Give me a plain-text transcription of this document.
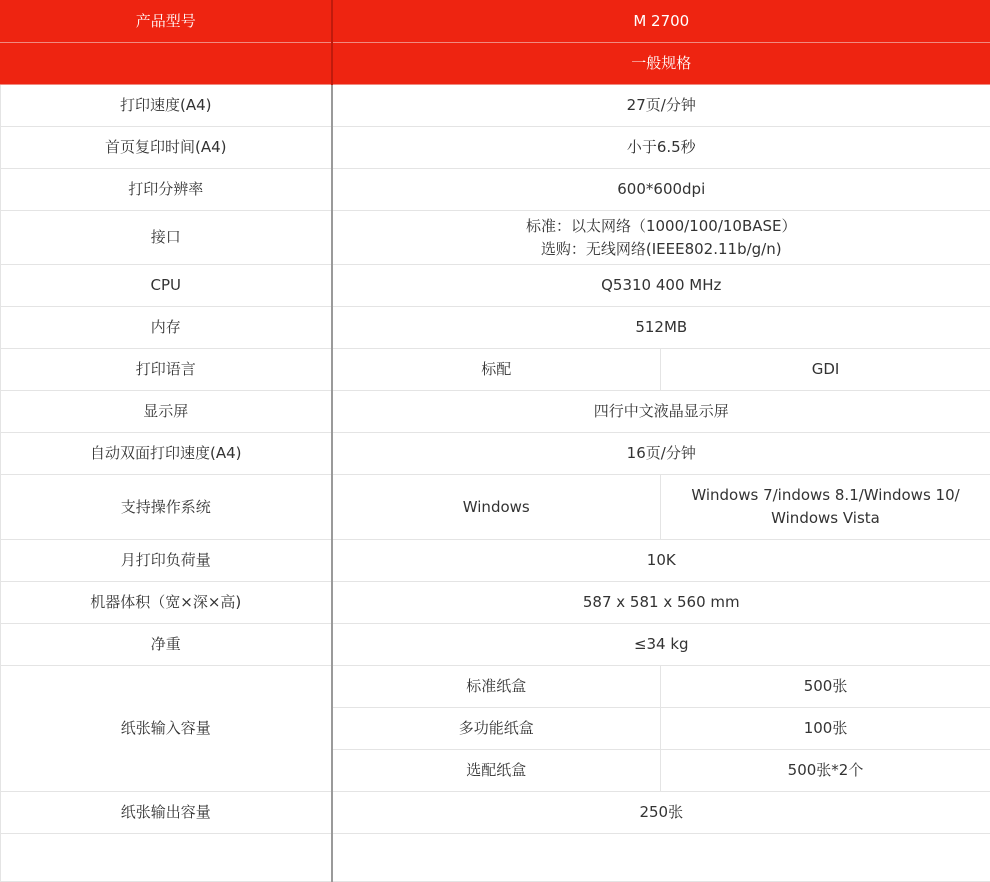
产品型号	M 2700	
	一般规格	
打印速度(A4)	27页/分钟	
首页复印时间(A4)	小于6.5秒	
打印分辨率	600*600dpi	
接口	标准：以太网络（1000/100/10BASE）
选购：无线网络(IEEE802.11b/g/n)	

CPU	Q5310 400 MHz	
内存	512MB	
打印语言	标配	GDI
显示屏	四行中文液晶显示屏	
自动双面打印速度(A4)	16页/分钟	
支持操作系统	Windows	Windows 7/indows 8.1/Windows 10/ Windows Vista
月打印负荷量	10K	
机器体积（宽×深×高)	587 x 581 x 560 mm	
净重	≤34 kg	
纸张输入容量	标准纸盒	500张
	多功能纸盒	100张
	选配纸盒	500张*2个
纸张输出容量	250张	
